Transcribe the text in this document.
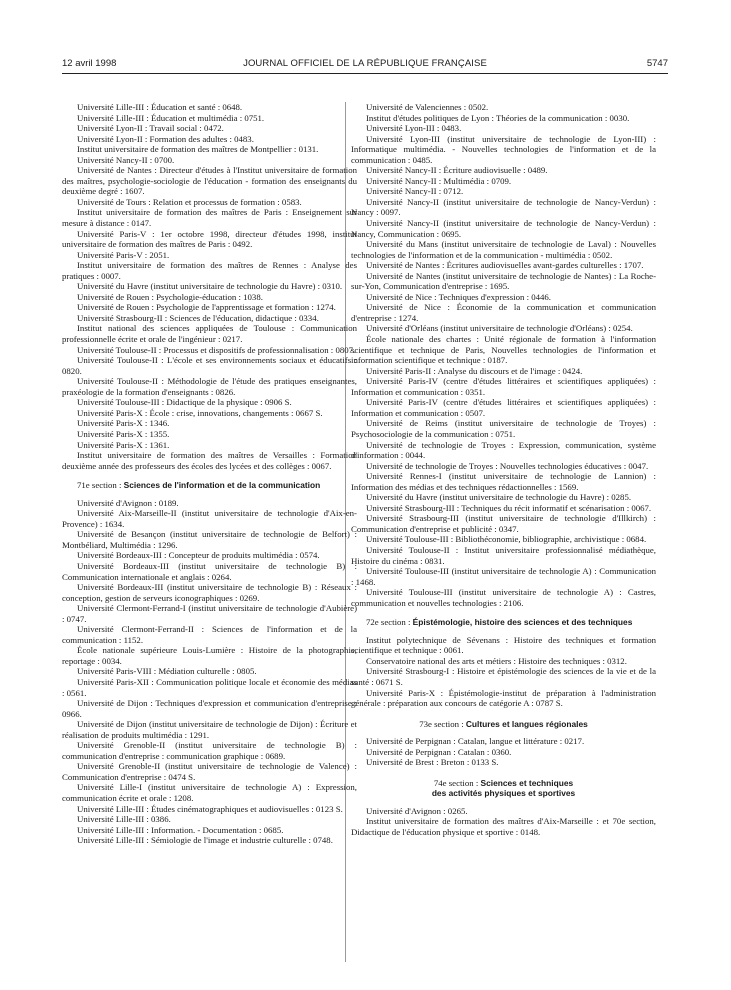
12 avril 1998	JOURNAL OFFICIEL DE LA RÉPUBLIQUE FRANÇAISE	5747

Université Lille-III : Éducation et santé : 0648.

Université Lille-III : Éducation et multimédia : 0751.

Université Lyon-II : Travail social : 0472.

Université Lyon-II : Formation des adultes : 0483.

Institut universitaire de formation des maîtres de Montpellier : 0131.

Université Nancy-II : 0700.

Université de Nantes : Directeur d'études à l'Institut universitaire de formation des maîtres, psychologie-sociologie de l'éducation - formation des enseignants du deuxième degré : 1607.

Université de Tours : Relation et processus de formation : 0583.

Institut universitaire de formation des maîtres de Paris : Enseignement sur mesure à distance : 0147.

Université Paris-V : 1er octobre 1998, directeur d'études 1998, institut universitaire de formation des maîtres de Paris : 0492.

Université Paris-V : 2051.

Institut universitaire de formation des maîtres de Rennes : Analyse des pratiques : 0007.

Université du Havre (institut universitaire de technologie du Havre) : 0310.

Université de Rouen : Psychologie-éducation : 1038.

Université de Rouen : Psychologie de l'apprentissage et formation : 1274.

Université Strasbourg-II : Sciences de l'éducation, didactique : 0334.

Institut national des sciences appliquées de Toulouse : Communication professionnelle écrite et orale de l'ingénieur : 0217.

Université Toulouse-II : Processus et dispositifs de professionnalisation : 0807.

Université Toulouse-II : L'école et ses environnements sociaux et éducatifs : 0820.

Université Toulouse-II : Méthodologie de l'étude des pratiques enseignantes, praxéologie de la formation d'enseignants : 0826.

Université Toulouse-III : Didactique de la physique : 0906 S.

Université Paris-X : École : crise, innovations, changements : 0667 S.

Université Paris-X : 1346.

Université Paris-X : 1355.

Université Paris-X : 1361.

Institut universitaire de formation des maîtres de Versailles : Formation deuxième année des professeurs des écoles des lycées et des collèges : 0067.

71e section : Sciences de l'information et de la communication

Université d'Avignon : 0189.

Université Aix-Marseille-II (institut universitaire de technologie d'Aix-en-Provence) : 1634.

Université de Besançon (institut universitaire de technologie de Belfort) : Montbéliard, Multimédia : 1296.

Université Bordeaux-III : Concepteur de produits multimédia : 0574.

Université Bordeaux-III (institut universitaire de technologie B) : Communication internationale et anglais : 0264.

Université Bordeaux-III (institut universitaire de technologie B) : Réseaux : conception, gestion de serveurs iconographiques : 0269.

Université Clermont-Ferrand-I (institut universitaire de technologie d'Aubière) : 0747.

Université Clermont-Ferrand-II : Sciences de l'information et de la communication : 1152.

École nationale supérieure Louis-Lumière : Histoire de la photographie, reportage : 0034.

Université Paris-VIII : Médiation culturelle : 0805.

Université Paris-XII : Communication politique locale et économie des médias : 0561.

Université de Dijon : Techniques d'expression et communication d'entreprise : 0966.

Université de Dijon (institut universitaire de technologie de Dijon) : Écriture et réalisation de produits multimédia : 1291.

Université Grenoble-II (institut universitaire de technologie B) : communication d'entreprise : communication graphique : 0689.

Université Grenoble-II (institut universitaire de technologie de Valence) : Communication d'entreprise : 0474 S.

Université Lille-I (institut universitaire de technologie A) : Expression, communication écrite et orale : 1208.

Université Lille-III : Études cinématographiques et audiovisuelles : 0123 S.

Université Lille-III : 0386.

Université Lille-III : Information. - Documentation : 0685.

Université Lille-III : Sémiologie de l'image et industrie culturelle : 0748.

Université de Valenciennes : 0502.

Institut d'études politiques de Lyon : Théories de la communication : 0030.

Université Lyon-III : 0483.

Université Lyon-III (institut universitaire de technologie de Lyon-III) : Informatique multimédia. - Nouvelles technologies de l'information et de la communication : 0485.

Université Nancy-II : Écriture audiovisuelle : 0489.

Université Nancy-II : Multimédia : 0709.

Université Nancy-II : 0712.

Université Nancy-II (institut universitaire de technologie de Nancy-Verdun) : Nancy : 0097.

Université Nancy-II (institut universitaire de technologie de Nancy-Verdun) : Nancy, Communication : 0695.

Université du Mans (institut universitaire de technologie de Laval) : Nouvelles technologies de l'information et de la communication - multimédia : 0502.

Université de Nantes : Écritures audiovisuelles avant-gardes culturelles : 1707.

Université de Nantes (institut universitaire de technologie de Nantes) : La Roche-sur-Yon, Communication d'entreprise : 1695.

Université de Nice : Techniques d'expression : 0446.

Université de Nice : Économie de la communication et communication d'entreprise : 1274.

Université d'Orléans (institut universitaire de technologie d'Orléans) : 0254.

École nationale des chartes : Unité régionale de formation à l'information scientifique et technique de Paris, Nouvelles technologies de l'information et information scientifique et technique : 0187.

Université Paris-II : Analyse du discours et de l'image : 0424.

Université Paris-IV (centre d'études littéraires et scientifiques appliquées) : Information et communication : 0351.

Université Paris-IV (centre d'études littéraires et scientifiques appliquées) : Information et communication : 0507.

Université de Reims (institut universitaire de technologie de Troyes) : Psychosociologie de la communication : 0751.

Université de technologie de Troyes : Expression, communication, système d'information : 0044.

Université de technologie de Troyes : Nouvelles technologies éducatives : 0047.

Université Rennes-I (institut universitaire de technologie de Lannion) : Information des médias et des techniques rédactionnelles : 1569.

Université du Havre (institut universitaire de technologie du Havre) : 0285.

Université Strasbourg-III : Techniques du récit informatif et scénarisation : 0067.

Université Strasbourg-III (institut universitaire de technologie d'Illkirch) : Communication d'entreprise et publicité : 0347.

Université Toulouse-III : Bibliothéconomie, bibliographie, archivistique : 0684.

Université Toulouse-II : Institut universitaire professionnalisé médiathèque, Histoire du cinéma : 0831.

Université Toulouse-III (institut universitaire de technologie A) : Communication : 1468.

Université Toulouse-III (institut universitaire de technologie A) : Castres, communication et nouvelles technologies : 2106.

72e section : Épistémologie, histoire des sciences et des techniques

Institut polytechnique de Sévenans : Histoire des techniques et formation scientifique et technique : 0061.

Conservatoire national des arts et métiers : Histoire des techniques : 0312.

Université Strasbourg-I : Histoire et épistémologie des sciences de la vie et de la santé : 0671 S.

Université Paris-X : Épistémologie-institut de préparation à l'administration générale : préparation aux concours de catégorie A : 0787 S.

73e section : Cultures et langues régionales

Université de Perpignan : Catalan, langue et littérature : 0217.

Université de Perpignan : Catalan : 0360.

Université de Brest : Breton : 0133 S.

74e section : Sciences et techniques
des activités physiques et sportives

Université d'Avignon : 0265.

Institut universitaire de formation des maîtres d'Aix-Marseille : et 70e section, Didactique de l'éducation physique et sportive : 0148.
